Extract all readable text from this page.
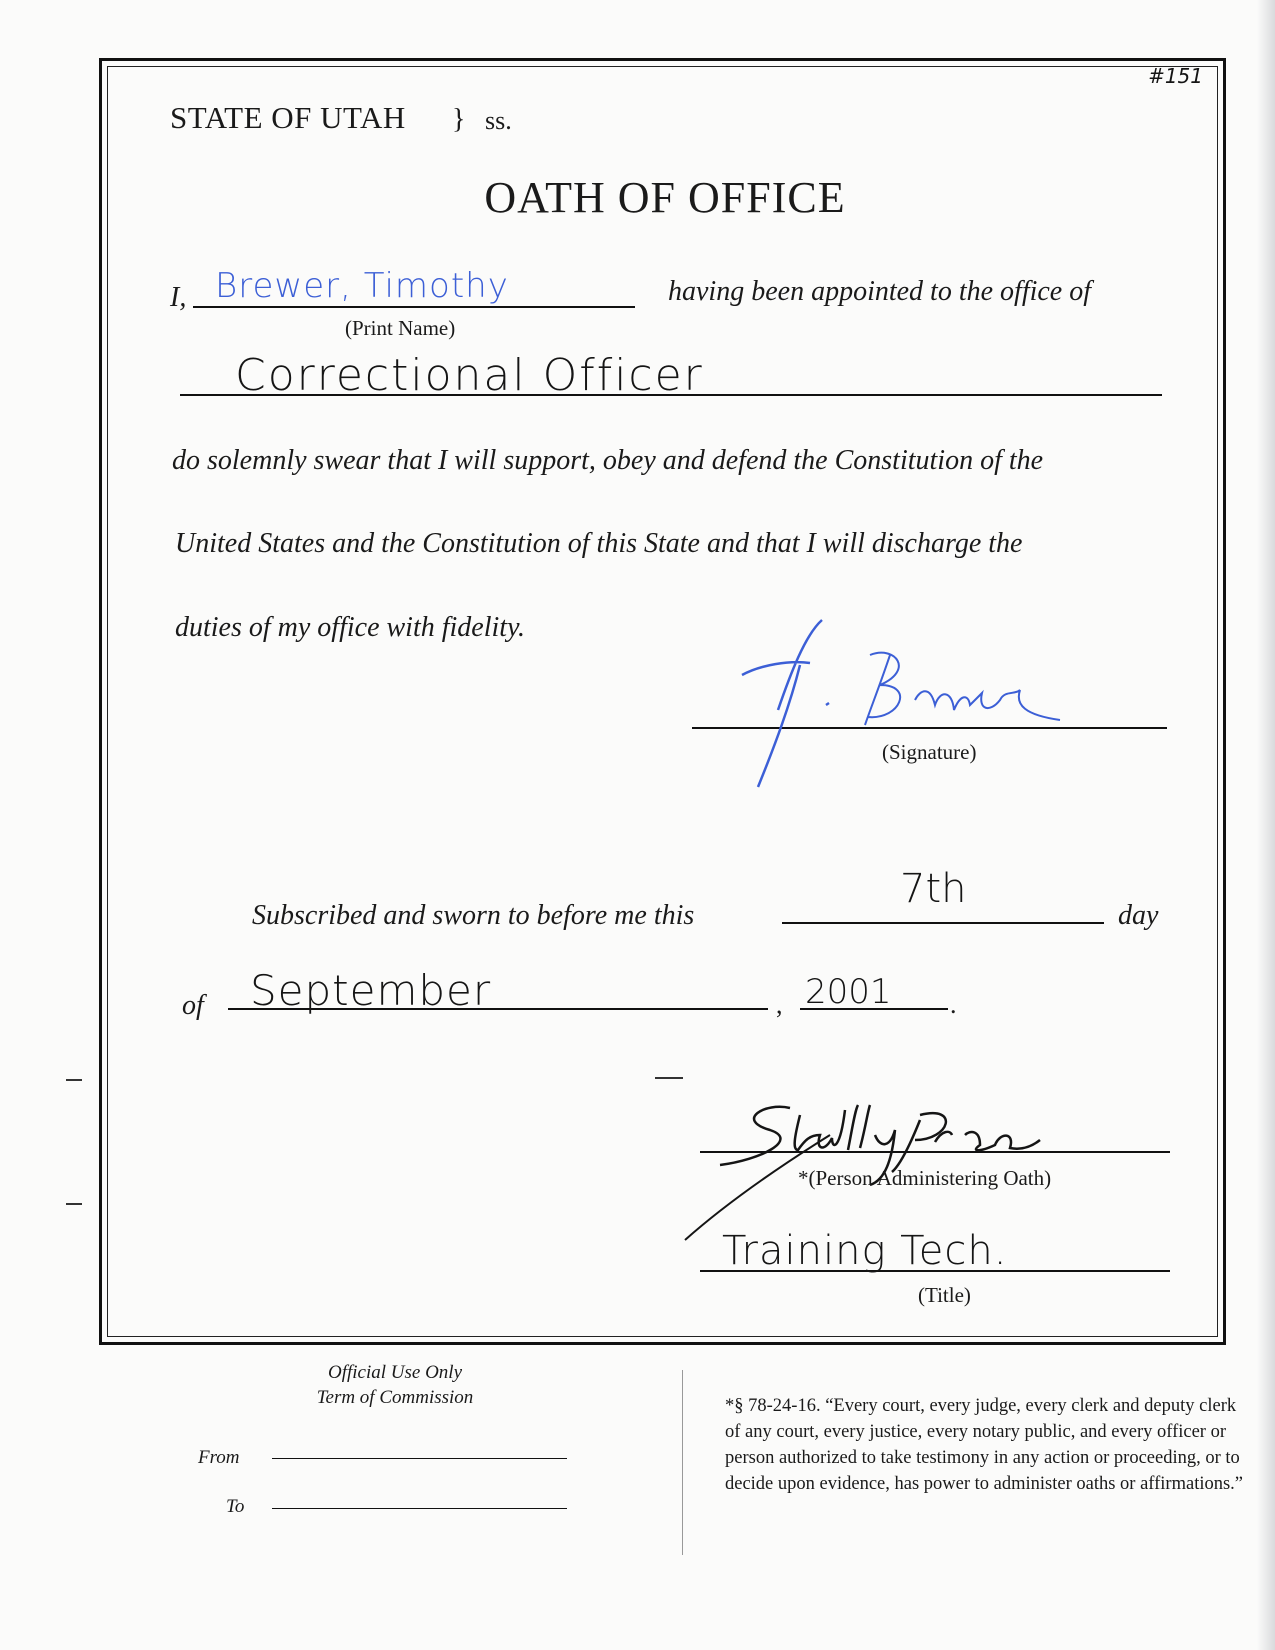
#151
STATE OF UTAH } ss.
OATH OF OFFICE
I, Brewer, Timothy
(Print Name)
having been appointed to the office of
Correctional Officer
do solemnly swear that I will support, obey and defend the Constitution of the
United States and the Constitution of this State and that I will discharge the
duties of my office with fidelity.
(Signature)
Subscribed and sworn to before me this
7th
day
of September	, 2001 .
*(Person Administering Oath)
Training Tech.
(Title)
Official Use Only
Term of Commission
From
To
*§ 78-24-16. “Every court, every judge, every clerk and deputy clerk of any court, every justice, every notary public, and every officer or person authorized to take testimony in any action or proceeding, or to decide upon evidence, has power to administer oaths or affirmations.”
